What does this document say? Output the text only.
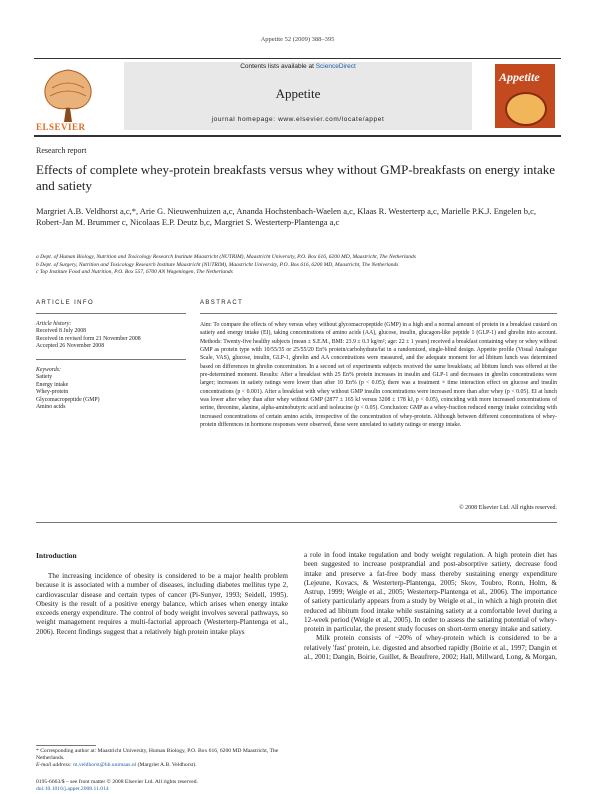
Appetite 52 (2009) 388–395
ELSEVIER
Contents lists available at ScienceDirect
Appetite
journal homepage: www.elsevier.com/locate/appet
Appetite
Research report
Effects of complete whey-protein breakfasts versus whey without GMP-breakfasts on energy intake and satiety
Margriet A.B. Veldhorst a,c,*, Arie G. Nieuwenhuizen a,c, Ananda Hochstenbach-Waelen a,c, Klaas R. Westerterp a,c, Marielle P.K.J. Engelen b,c, Robert-Jan M. Brummer c, Nicolaas E.P. Deutz b,c, Margriet S. Westerterp-Plantenga a,c
a Dept. of Human Biology, Nutrition and Toxicology Research Institute Maastricht (NUTRIM), Maastricht University, P.O. Box 616, 6200 MD, Maastricht, The Netherlands
b Dept. of Surgery, Nutrition and Toxicology Research Institute Maastricht (NUTRIM), Maastricht University, P.O. Box 616, 6200 MD, Maastricht, The Netherlands
c Top Institute Food and Nutrition, P.O. Box 557, 6700 AN Wageningen, The Netherlands
ARTICLE INFO	ABSTRACT
Article history:
Received 8 July 2008
Received in revised form 21 November 2008
Accepted 26 November 2008
Keywords:
Satiety
Energy intake
Whey-protein
Glycomacropeptide (GMP)
Amino acids
Aim: To compare the effects of whey versus whey without glycomacropeptide (GMP) in a high and a normal amount of protein in a breakfast custard on satiety and energy intake (EI), taking concentrations of amino acids (AA), glucose, insulin, glucagon-like peptide 1 (GLP-1) and ghrelin into account. Methods: Twenty-five healthy subjects (mean ± S.E.M., BMI: 23.9 ± 0.3 kg/m²; age: 22 ± 1 years) received a breakfast containing whey or whey without GMP as protein type with 10/55/35 or 25/55/20 En% protein/carbohydrate/fat in a randomized, single-blind design. Appetite profile (Visual Analogue Scale, VAS), glucose, insulin, GLP-1, ghrelin and AA concentrations were measured, and the adequate moment for ad libitum lunch was determined based on differences in ghrelin concentration. In a second set of experiments subjects received the same breakfasts; ad libitum lunch was offered at the pre-determined moment. Results: After a breakfast with 25 En% protein increases in insulin and GLP-1 and decreases in ghrelin concentrations were larger; increases in satiety ratings were lower than after 10 En% (p < 0.05); there was a treatment × time interaction effect on glucose and insulin concentrations (p < 0.001). After a breakfast with whey without GMP insulin concentrations were increased more than after whey (p < 0.05). EI at lunch was lower after whey than after whey without GMP (2877 ± 165 kJ versus 3208 ± 178 kJ, p < 0.05), coinciding with more increased concentrations of serine, threonine, alanine, alpha-aminobutyric acid and isoleucine (p < 0.05). Conclusion: GMP as a whey-fraction reduced energy intake coinciding with increased concentrations of certain amino acids, irrespective of the concentration of whey-protein. Although between different concentrations of whey-protein differences in hormone responses were observed, these were unrelated to satiety ratings or energy intake.
© 2008 Elsevier Ltd. All rights reserved.
Introduction
The increasing incidence of obesity is considered to be a major health problem because it is associated with a number of diseases, including diabetes mellitus type 2, cardiovascular disease and certain types of cancer (Pi-Sunyer, 1993; Seidell, 1995). Obesity is the result of a positive energy balance, which arises when energy intake exceeds energy expenditure. The control of body weight involves several pathways, so weight management requires a multi-factorial approach (Westerterp-Plantenga et al., 2006). Recent findings suggest that a relatively high protein intake plays
a role in food intake regulation and body weight regulation. A high protein diet has been suggested to increase postprandial and post-absorptive satiety, decrease food intake and preserve a fat-free body mass thereby sustaining energy expenditure (Lejeune, Kovacs, & Westerterp-Plantenga, 2005; Skov, Toubro, Ronn, Holm, & Astrup, 1999; Weigle et al., 2005; Westerterp-Plantenga et al., 2006). The importance of satiety particularly appears from a study by Weigle et al., in which a high protein diet reduced ad libitum food intake while sustaining satiety at a comfortable level during a 12-week period (Weigle et al., 2005). In order to assess the satiating potential of whey-protein in particular, the present study focuses on short-term energy intake and satiety.
Milk protein consists of ~20% of whey-protein which is considered to be a relatively 'fast' protein, i.e. digested and absorbed rapidly (Boirie et al., 1997; Dangin et al., 2001; Dangin, Boirie, Guillet, & Beaufrere, 2002; Hall, Millward, Long, & Morgan,
* Corresponding author at: Maastricht University, Human Biology, P.O. Box 616, 6200 MD Maastricht, The Netherlands.
E-mail address: m.veldhorst@hb.unimaas.nl (Margriet A.B. Veldhorst).
0195-6663/$ – see front matter © 2008 Elsevier Ltd. All rights reserved.
doi:10.1016/j.appet.2008.11.014
